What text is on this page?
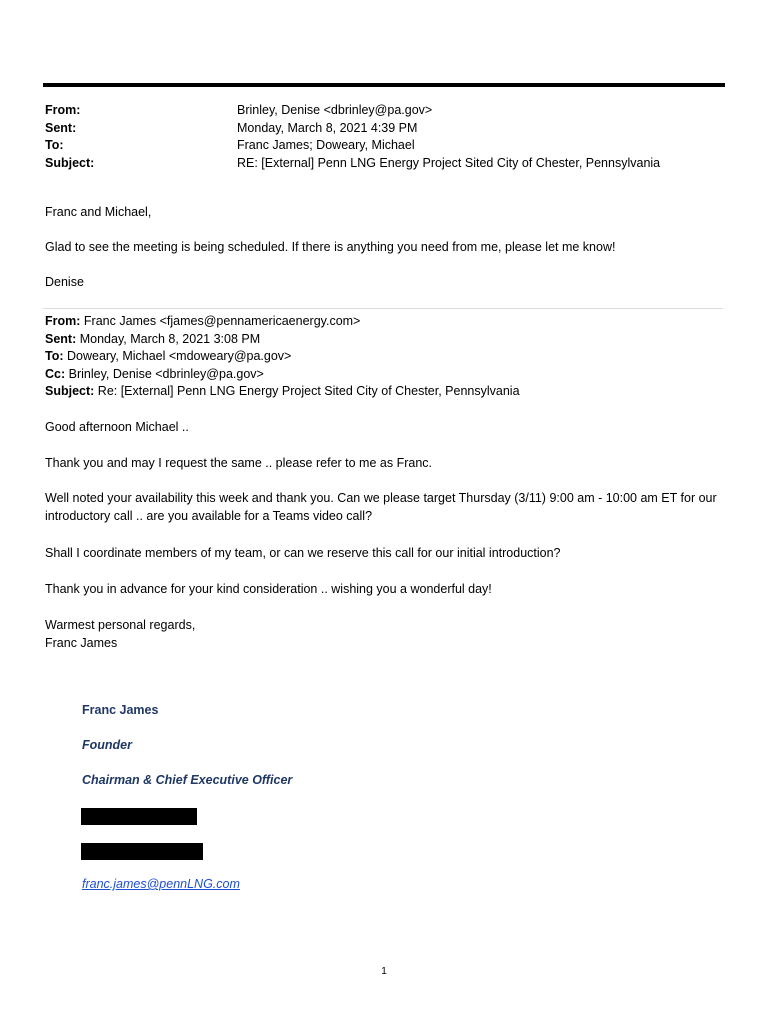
From:	Brinley, Denise <dbrinley@pa.gov>
Sent:	Monday, March 8, 2021 4:39 PM
To:	Franc James; Doweary, Michael
Subject:	RE: [External] Penn LNG Energy Project Sited City of Chester, Pennsylvania
Franc and Michael,
Glad to see the meeting is being scheduled. If there is anything you need from me, please let me know!
Denise
From: Franc James <fjames@pennamericaenergy.com>
Sent: Monday, March 8, 2021 3:08 PM
To: Doweary, Michael <mdoweary@pa.gov>
Cc: Brinley, Denise <dbrinley@pa.gov>
Subject: Re: [External] Penn LNG Energy Project Sited City of Chester, Pennsylvania
Good afternoon Michael ..
Thank you and may I request the same .. please refer to me as Franc.
Well noted your availability this week and thank you. Can we please target Thursday (3/11) 9:00 am - 10:00 am ET for our introductory call .. are you available for a Teams video call?
Shall I coordinate members of my team, or can we reserve this call for our initial introduction?
Thank you in advance for your kind consideration .. wishing you a wonderful day!
Warmest personal regards,
Franc James
Franc James
Founder
Chairman & Chief Executive Officer
franc.james@pennLNG.com
1
